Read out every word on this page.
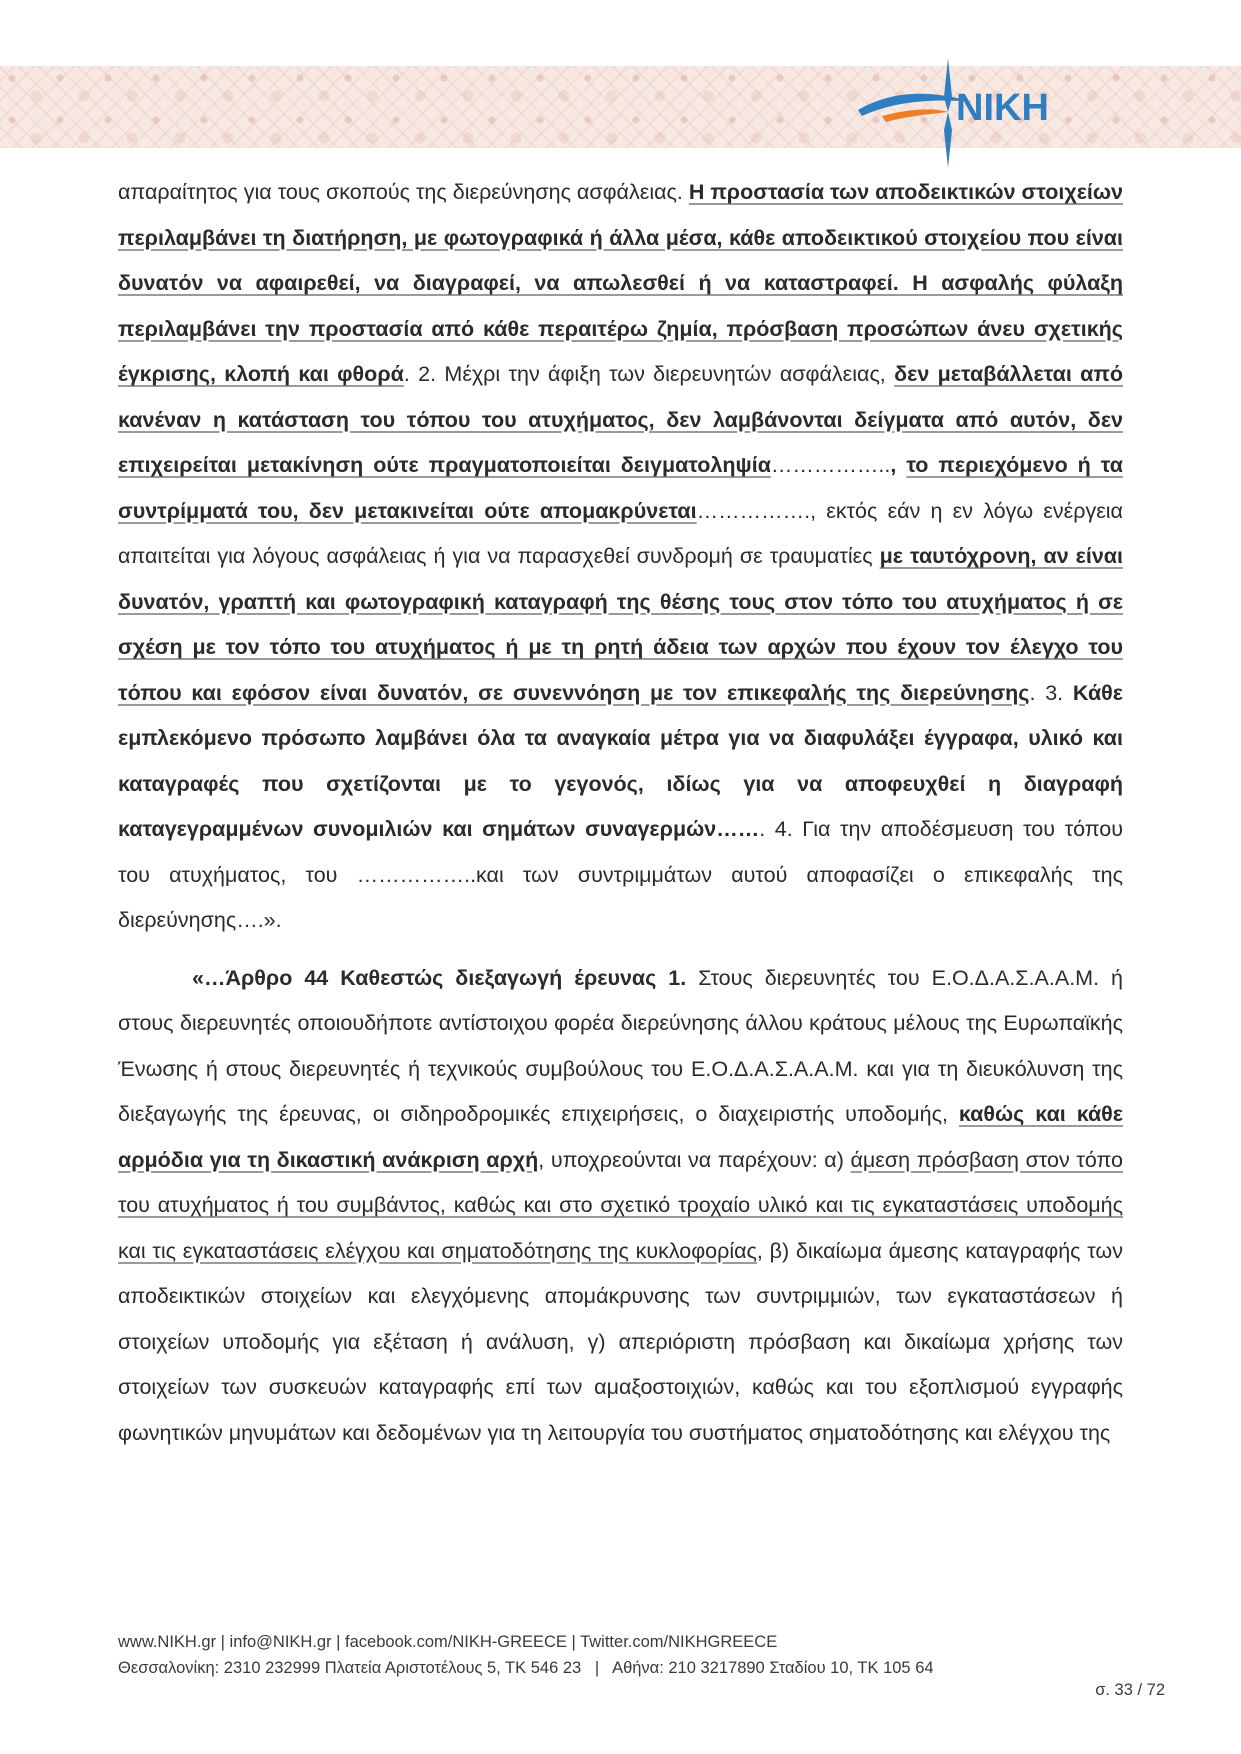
NIKH

απαραίτητος για τους σκοπούς της διερεύνησης ασφάλειας. Η προστασία των αποδεικτικών στοιχείων περιλαμβάνει τη διατήρηση, με φωτογραφικά ή άλλα μέσα, κάθε αποδεικτικού στοιχείου που είναι δυνατόν να αφαιρεθεί, να διαγραφεί, να απωλεσθεί ή να καταστραφεί. Η ασφαλής φύλαξη περιλαμβάνει την προστασία από κάθε περαιτέρω ζημία, πρόσβαση προσώπων άνευ σχετικής έγκρισης, κλοπή και φθορά. 2. Μέχρι την άφιξη των διερευνητών ασφάλειας, δεν μεταβάλλεται από κανέναν η κατάσταση του τόπου του ατυχήματος, δεν λαμβάνονται δείγματα από αυτόν, δεν επιχειρείται μετακίνηση ούτε πραγματοποιείται δειγματοληψία…………….., το περιεχόμενο ή τα συντρίμματά του, δεν μετακινείται ούτε απομακρύνεται……………., εκτός εάν η εν λόγω ενέργεια απαιτείται για λόγους ασφάλειας ή για να παρασχεθεί συνδρομή σε τραυματίες με ταυτόχρονη, αν είναι δυνατόν, γραπτή και φωτογραφική καταγραφή της θέσης τους στον τόπο του ατυχήματος ή σε σχέση με τον τόπο του ατυχήματος ή με τη ρητή άδεια των αρχών που έχουν τον έλεγχο του τόπου και εφόσον είναι δυνατόν, σε συνεννόηση με τον επικεφαλής της διερεύνησης. 3. Κάθε εμπλεκόμενο πρόσωπο λαμβάνει όλα τα αναγκαία μέτρα για να διαφυλάξει έγγραφα, υλικό και καταγραφές που σχετίζονται με το γεγονός, ιδίως για να αποφευχθεί η διαγραφή καταγεγραμμένων συνομιλιών και σημάτων συναγερμών……. 4. Για την αποδέσμευση του τόπου του ατυχήματος, του ……………..και των συντριμμάτων αυτού αποφασίζει ο επικεφαλής της διερεύνησης….».

«…Άρθρο 44 Καθεστώς διεξαγωγή έρευνας 1. Στους διερευνητές του Ε.Ο.Δ.Α.Σ.Α.Α.Μ. ή στους διερευνητές οποιουδήποτε αντίστοιχου φορέα διερεύνησης άλλου κράτους μέλους της Ευρωπαϊκής Ένωσης ή στους διερευνητές ή τεχνικούς συμβούλους του Ε.Ο.Δ.Α.Σ.Α.Α.Μ. και για τη διευκόλυνση της διεξαγωγής της έρευνας, οι σιδηροδρομικές επιχειρήσεις, ο διαχειριστής υποδομής, καθώς και κάθε αρμόδια για τη δικαστική ανάκριση αρχή, υποχρεούνται να παρέχουν: α) άμεση πρόσβαση στον τόπο του ατυχήματος ή του συμβάντος, καθώς και στο σχετικό τροχαίο υλικό και τις εγκαταστάσεις υποδομής και τις εγκαταστάσεις ελέγχου και σηματοδότησης της κυκλοφορίας, β) δικαίωμα άμεσης καταγραφής των αποδεικτικών στοιχείων και ελεγχόμενης απομάκρυνσης των συντριμμιών, των εγκαταστάσεων ή στοιχείων υποδομής για εξέταση ή ανάλυση, γ) απεριόριστη πρόσβαση και δικαίωμα χρήσης των στοιχείων των συσκευών καταγραφής επί των αμαξοστοιχιών, καθώς και του εξοπλισμού εγγραφής φωνητικών μηνυμάτων και δεδομένων για τη λειτουργία του συστήματος σηματοδότησης και ελέγχου της

www.NIKH.gr | info@NIKH.gr | facebook.com/NIKH-GREECE | Twitter.com/NIKHGREECE
Θεσσαλονίκη: 2310 232999 Πλατεία Αριστοτέλους 5, ΤΚ 546 23   |   Αθήνα: 210 3217890 Σταδίου 10, ΤΚ 105 64
σ. 33 / 72
